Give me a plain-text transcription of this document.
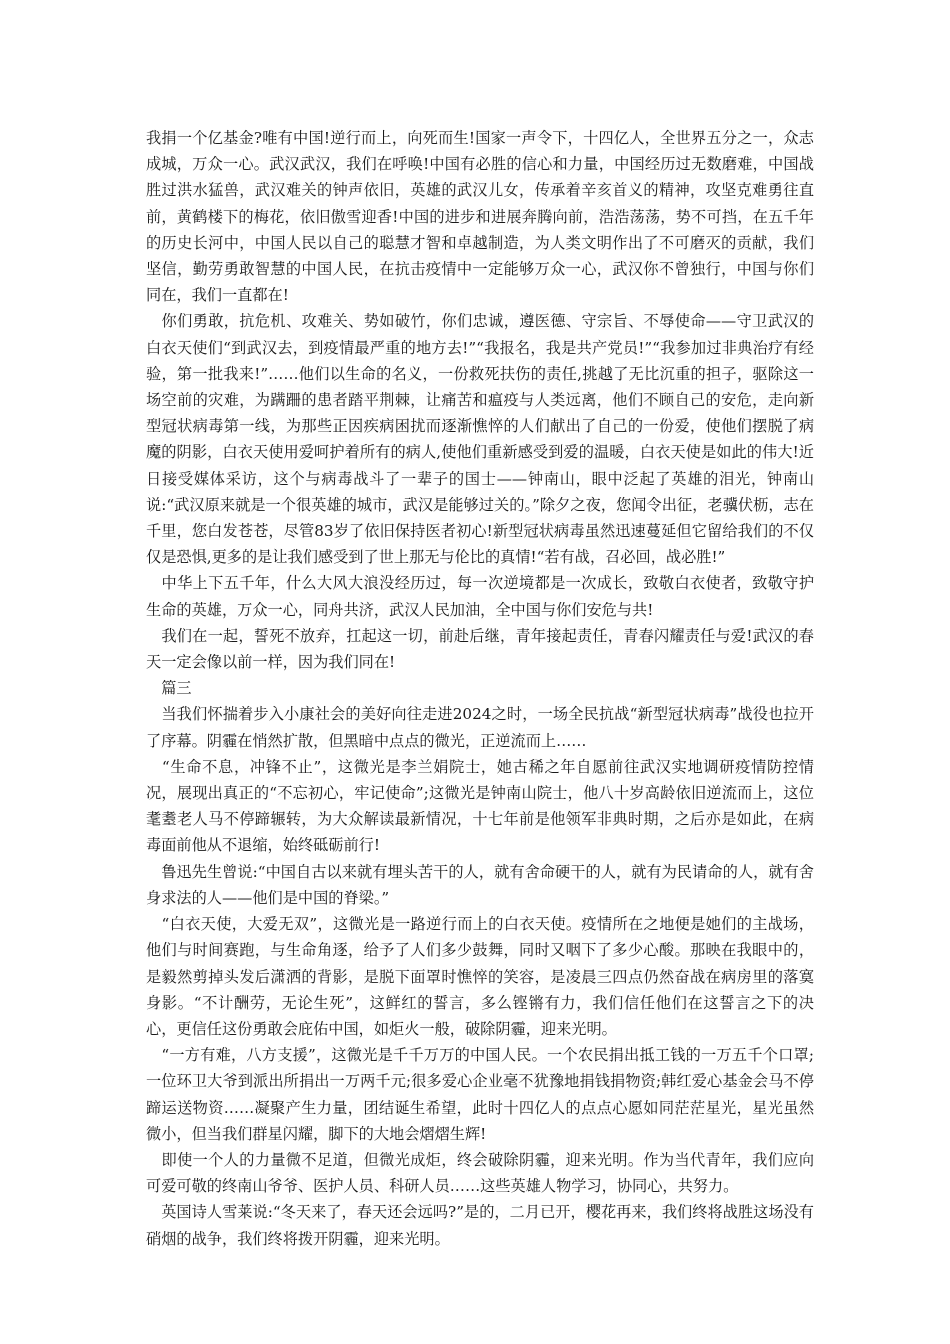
我捐一个亿基金?唯有中国!逆行而上，向死而生!国家一声令下，十四亿人，全世界五分之一，众志成城，万众一心。武汉武汉，我们在呼唤!中国有必胜的信心和力量，中国经历过无数磨难，中国战胜过洪水猛兽，武汉难关的钟声依旧，英雄的武汉儿女，传承着辛亥首义的精神，攻坚克难勇往直前，黄鹤楼下的梅花，依旧傲雪迎香!中国的进步和进展奔腾向前，浩浩荡荡，势不可挡，在五千年的历史长河中，中国人民以自己的聪慧才智和卓越制造，为人类文明作出了不可磨灭的贡献，我们坚信，勤劳勇敢智慧的中国人民，在抗击疫情中一定能够万众一心，武汉你不曾独行，中国与你们同在，我们一直都在!

　你们勇敢，抗危机、攻难关、势如破竹，你们忠诚，遵医德、守宗旨、不辱使命——守卫武汉的白衣天使们“到武汉去，到疫情最严重的地方去!”“我报名，我是共产党员!”“我参加过非典治疗有经验，第一批我来!”……他们以生命的名义，一份救死扶伤的责任,挑越了无比沉重的担子，驱除这一场空前的灾难，为蹒跚的患者踏平荆棘，让痛苦和瘟疫与人类远离，他们不顾自己的安危，走向新型冠状病毒第一线，为那些正因疾病困扰而逐渐憔悴的人们献出了自己的一份爱，使他们摆脱了病魔的阴影，白衣天使用爱呵护着所有的病人,使他们重新感受到爱的温暖，白衣天使是如此的伟大!近日接受媒体采访，这个与病毒战斗了一辈子的国士——钟南山，眼中泛起了英雄的泪光，钟南山说:“武汉原来就是一个很英雄的城市，武汉是能够过关的。”除夕之夜，您闻令出征，老骥伏枥，志在千里，您白发苍苍，尽管83岁了依旧保持医者初心!新型冠状病毒虽然迅速蔓延但它留给我们的不仅仅是恐惧,更多的是让我们感受到了世上那无与伦比的真情!“若有战，召必回，战必胜!”

　中华上下五千年，什么大风大浪没经历过，每一次逆境都是一次成长，致敬白衣使者，致敬守护生命的英雄，万众一心，同舟共济，武汉人民加油，全中国与你们安危与共!

　我们在一起，誓死不放弃，扛起这一切，前赴后继，青年接起责任，青春闪耀责任与爱!武汉的春天一定会像以前一样，因为我们同在!

　篇三

　当我们怀揣着步入小康社会的美好向往走进2024之时，一场全民抗战“新型冠状病毒”战役也拉开了序幕。阴霾在悄然扩散，但黑暗中点点的微光，正逆流而上……

　“生命不息，冲锋不止”，这微光是李兰娟院士，她古稀之年自愿前往武汉实地调研疫情防控情况，展现出真正的“不忘初心，牢记使命”;这微光是钟南山院士，他八十岁高龄依旧逆流而上，这位耄耋老人马不停蹄辗转，为大众解读最新情况，十七年前是他领军非典时期，之后亦是如此，在病毒面前他从不退缩，始终砥砺前行!

　鲁迅先生曾说:“中国自古以来就有埋头苦干的人，就有舍命硬干的人，就有为民请命的人，就有舍身求法的人——他们是中国的脊梁。”

　“白衣天使，大爱无双”，这微光是一路逆行而上的白衣天使。疫情所在之地便是她们的主战场，他们与时间赛跑，与生命角逐，给予了人们多少鼓舞，同时又咽下了多少心酸。那映在我眼中的，是毅然剪掉头发后潇洒的背影，是脱下面罩时憔悴的笑容，是凌晨三四点仍然奋战在病房里的落寞身影。“不计酬劳，无论生死”，这鲜红的誓言，多么铿锵有力，我们信任他们在这誓言之下的决心，更信任这份勇敢会庇佑中国，如炬火一般，破除阴霾，迎来光明。

　“一方有难，八方支援”，这微光是千千万万的中国人民。一个农民捐出抵工钱的一万五千个口罩; 一位环卫大爷到派出所捐出一万两千元;很多爱心企业毫不犹豫地捐钱捐物资;韩红爱心基金会马不停蹄运送物资……凝聚产生力量，团结诞生希望，此时十四亿人的点点心愿如同茫茫星光，星光虽然微小，但当我们群星闪耀，脚下的大地会熠熠生辉!

　即使一个人的力量微不足道，但微光成炬，终会破除阴霾，迎来光明。作为当代青年，我们应向可爱可敬的终南山爷爷、医护人员、科研人员……这些英雄人物学习，协同心，共努力。

　英国诗人雪莱说:“冬天来了，春天还会远吗?”是的，二月已开，樱花再来，我们终将战胜这场没有硝烟的战争，我们终将拨开阴霾，迎来光明。
